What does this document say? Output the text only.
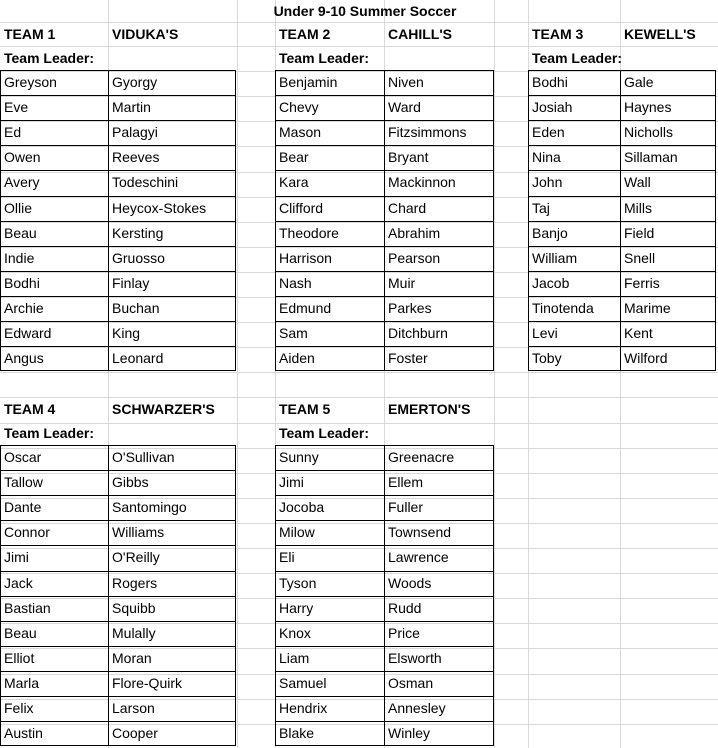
Under 9-10 Summer Soccer
TEAM 1	VIDUKA'S
Team Leader:
Greyson	Gyorgy
Eve	Martin
Ed	Palagyi
Owen	Reeves
Avery	Todeschini
Ollie	Heycox-Stokes
Beau	Kersting
Indie	Gruosso
Bodhi	Finlay
Archie	Buchan
Edward	King
Angus	Leonard
TEAM 2	CAHILL'S
Team Leader:
Benjamin	Niven
Chevy	Ward
Mason	Fitzsimmons
Bear	Bryant
Kara	Mackinnon
Clifford	Chard
Theodore	Abrahim
Harrison	Pearson
Nash	Muir
Edmund	Parkes
Sam	Ditchburn
Aiden	Foster
TEAM 3	KEWELL'S
Team Leader:
Bodhi	Gale
Josiah	Haynes
Eden	Nicholls
Nina	Sillaman
John	Wall
Taj	Mills
Banjo	Field
William	Snell
Jacob	Ferris
Tinotenda	Marime
Levi	Kent
Toby	Wilford
TEAM 4	SCHWARZER'S
Team Leader:
Oscar	O'Sullivan
Tallow	Gibbs
Dante	Santomingo
Connor	Williams
Jimi	O'Reilly
Jack	Rogers
Bastian	Squibb
Beau	Mulally
Elliot	Moran
Marla	Flore-Quirk
Felix	Larson
Austin	Cooper
TEAM 5	EMERTON'S
Team Leader:
Sunny	Greenacre
Jimi	Ellem
Jocoba	Fuller
Milow	Townsend
Eli	Lawrence
Tyson	Woods
Harry	Rudd
Knox	Price
Liam	Elsworth
Samuel	Osman
Hendrix	Annesley
Blake	Winley
